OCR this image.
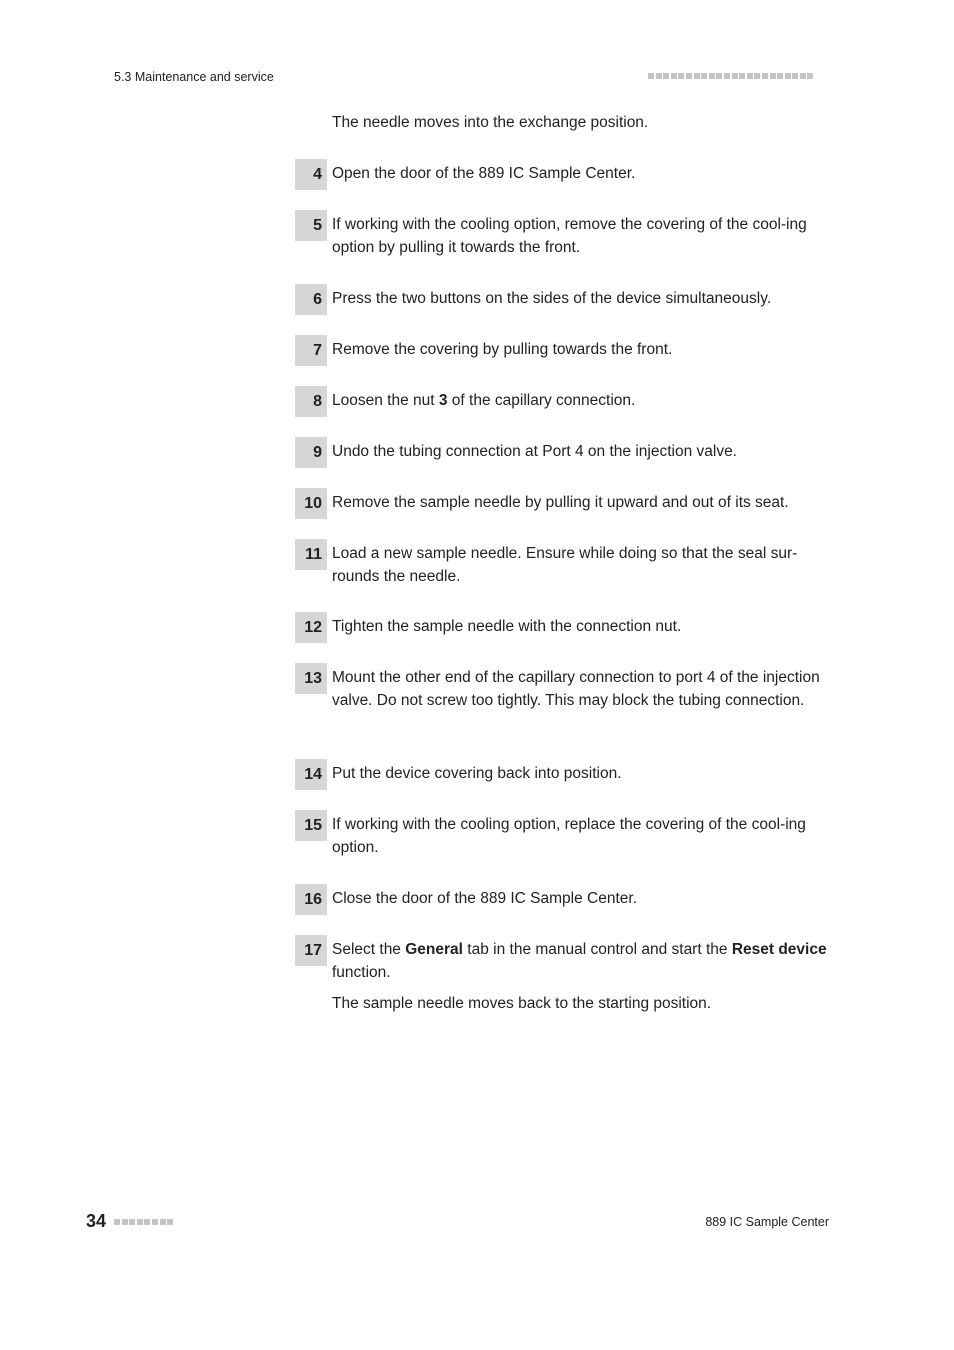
5.3 Maintenance and service

The needle moves into the exchange position.

4 Open the door of the 889 IC Sample Center.

5 If working with the cooling option, remove the covering of the cool-ing option by pulling it towards the front.

6 Press the two buttons on the sides of the device simultaneously.

7 Remove the covering by pulling towards the front.

8 Loosen the nut 3 of the capillary connection.

9 Undo the tubing connection at Port 4 on the injection valve.

10 Remove the sample needle by pulling it upward and out of its seat.

11 Load a new sample needle. Ensure while doing so that the seal sur-rounds the needle.

12 Tighten the sample needle with the connection nut.

13 Mount the other end of the capillary connection to port 4 of the injection valve. Do not screw too tightly. This may block the tubing connection.

14 Put the device covering back into position.

15 If working with the cooling option, replace the covering of the cool-ing option.

16 Close the door of the 889 IC Sample Center.

17 Select the General tab in the manual control and start the Reset device function.

The sample needle moves back to the starting position.

34	889 IC Sample Center
